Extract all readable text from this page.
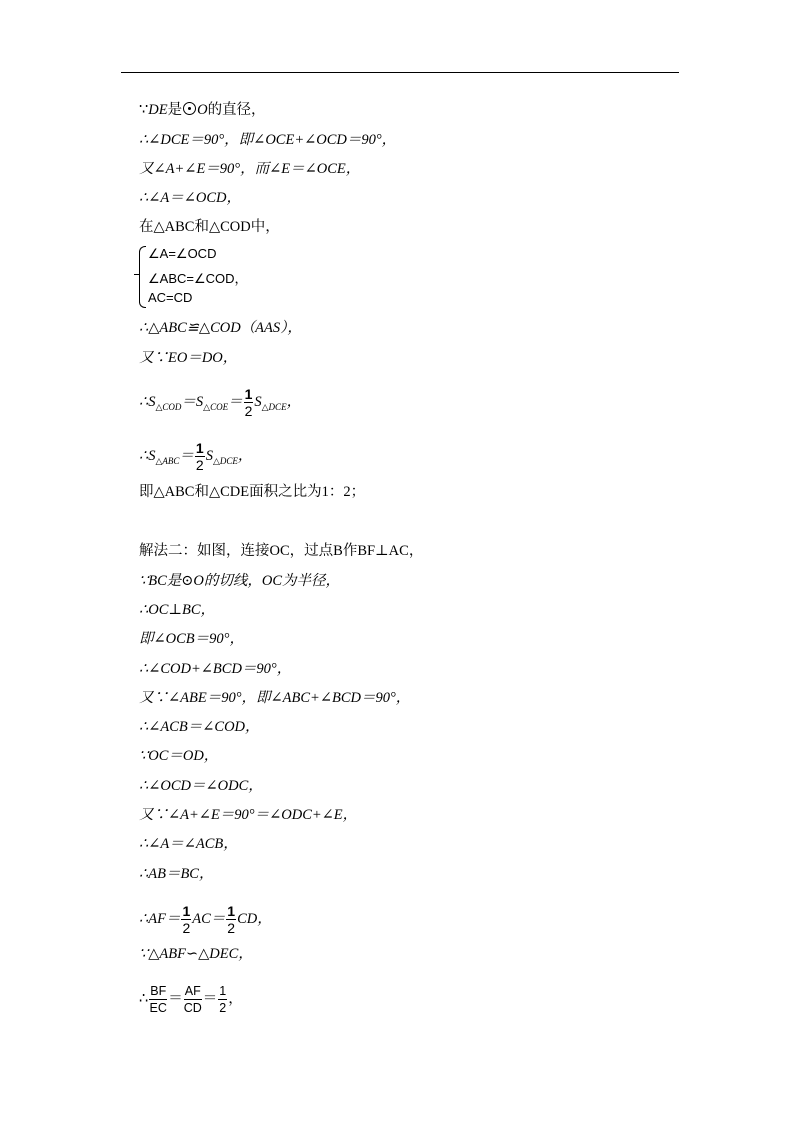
∵DE是 O的直径，
∴∠DCE＝90°，即∠OCE+∠OCD＝90°，
又∠A+∠E＝90°，而∠E＝∠OCE，
∴∠A＝∠OCD，
在△ABC和△COD中，
∠A=∠OCD
∠ABC=∠COD，
AC=CD
∴△ABC≌△COD（AAS），
又∵EO＝DO，
$\therefore S_{\triangle COD}=S_{\triangle COE}= \frac{1}{2} S_{\triangle DCE}$，
$\therefore S_{\triangle ABC}= \frac{1}{2} S_{\triangle DCE}$，
即△ABC和△CDE面积之比为1：2；
解法二：如图，连接OC，过点B作BF⊥AC，
∵BC是⊙O的切线，OC为半径，
∴OC⊥BC，
即∠OCB＝90°，
∴∠COD+∠BCD＝90°，
又∵∠ABE＝90°，即∠ABC+∠BCD＝90°，
∴∠ACB＝∠COD，
∵OC＝OD，
∴∠OCD＝∠ODC，
又∵∠A+∠E＝90°＝∠ODC+∠E，
∴∠A＝∠ACB，
∴AB＝BC，
∴AF＝ $\frac{1}{2} AC= \frac{1}{2}$ CD，
∵△ABF∽△DEC，
∴ $\frac{BF}{EC} = \frac{AF}{CD} = \frac{1}{2}$ ，
